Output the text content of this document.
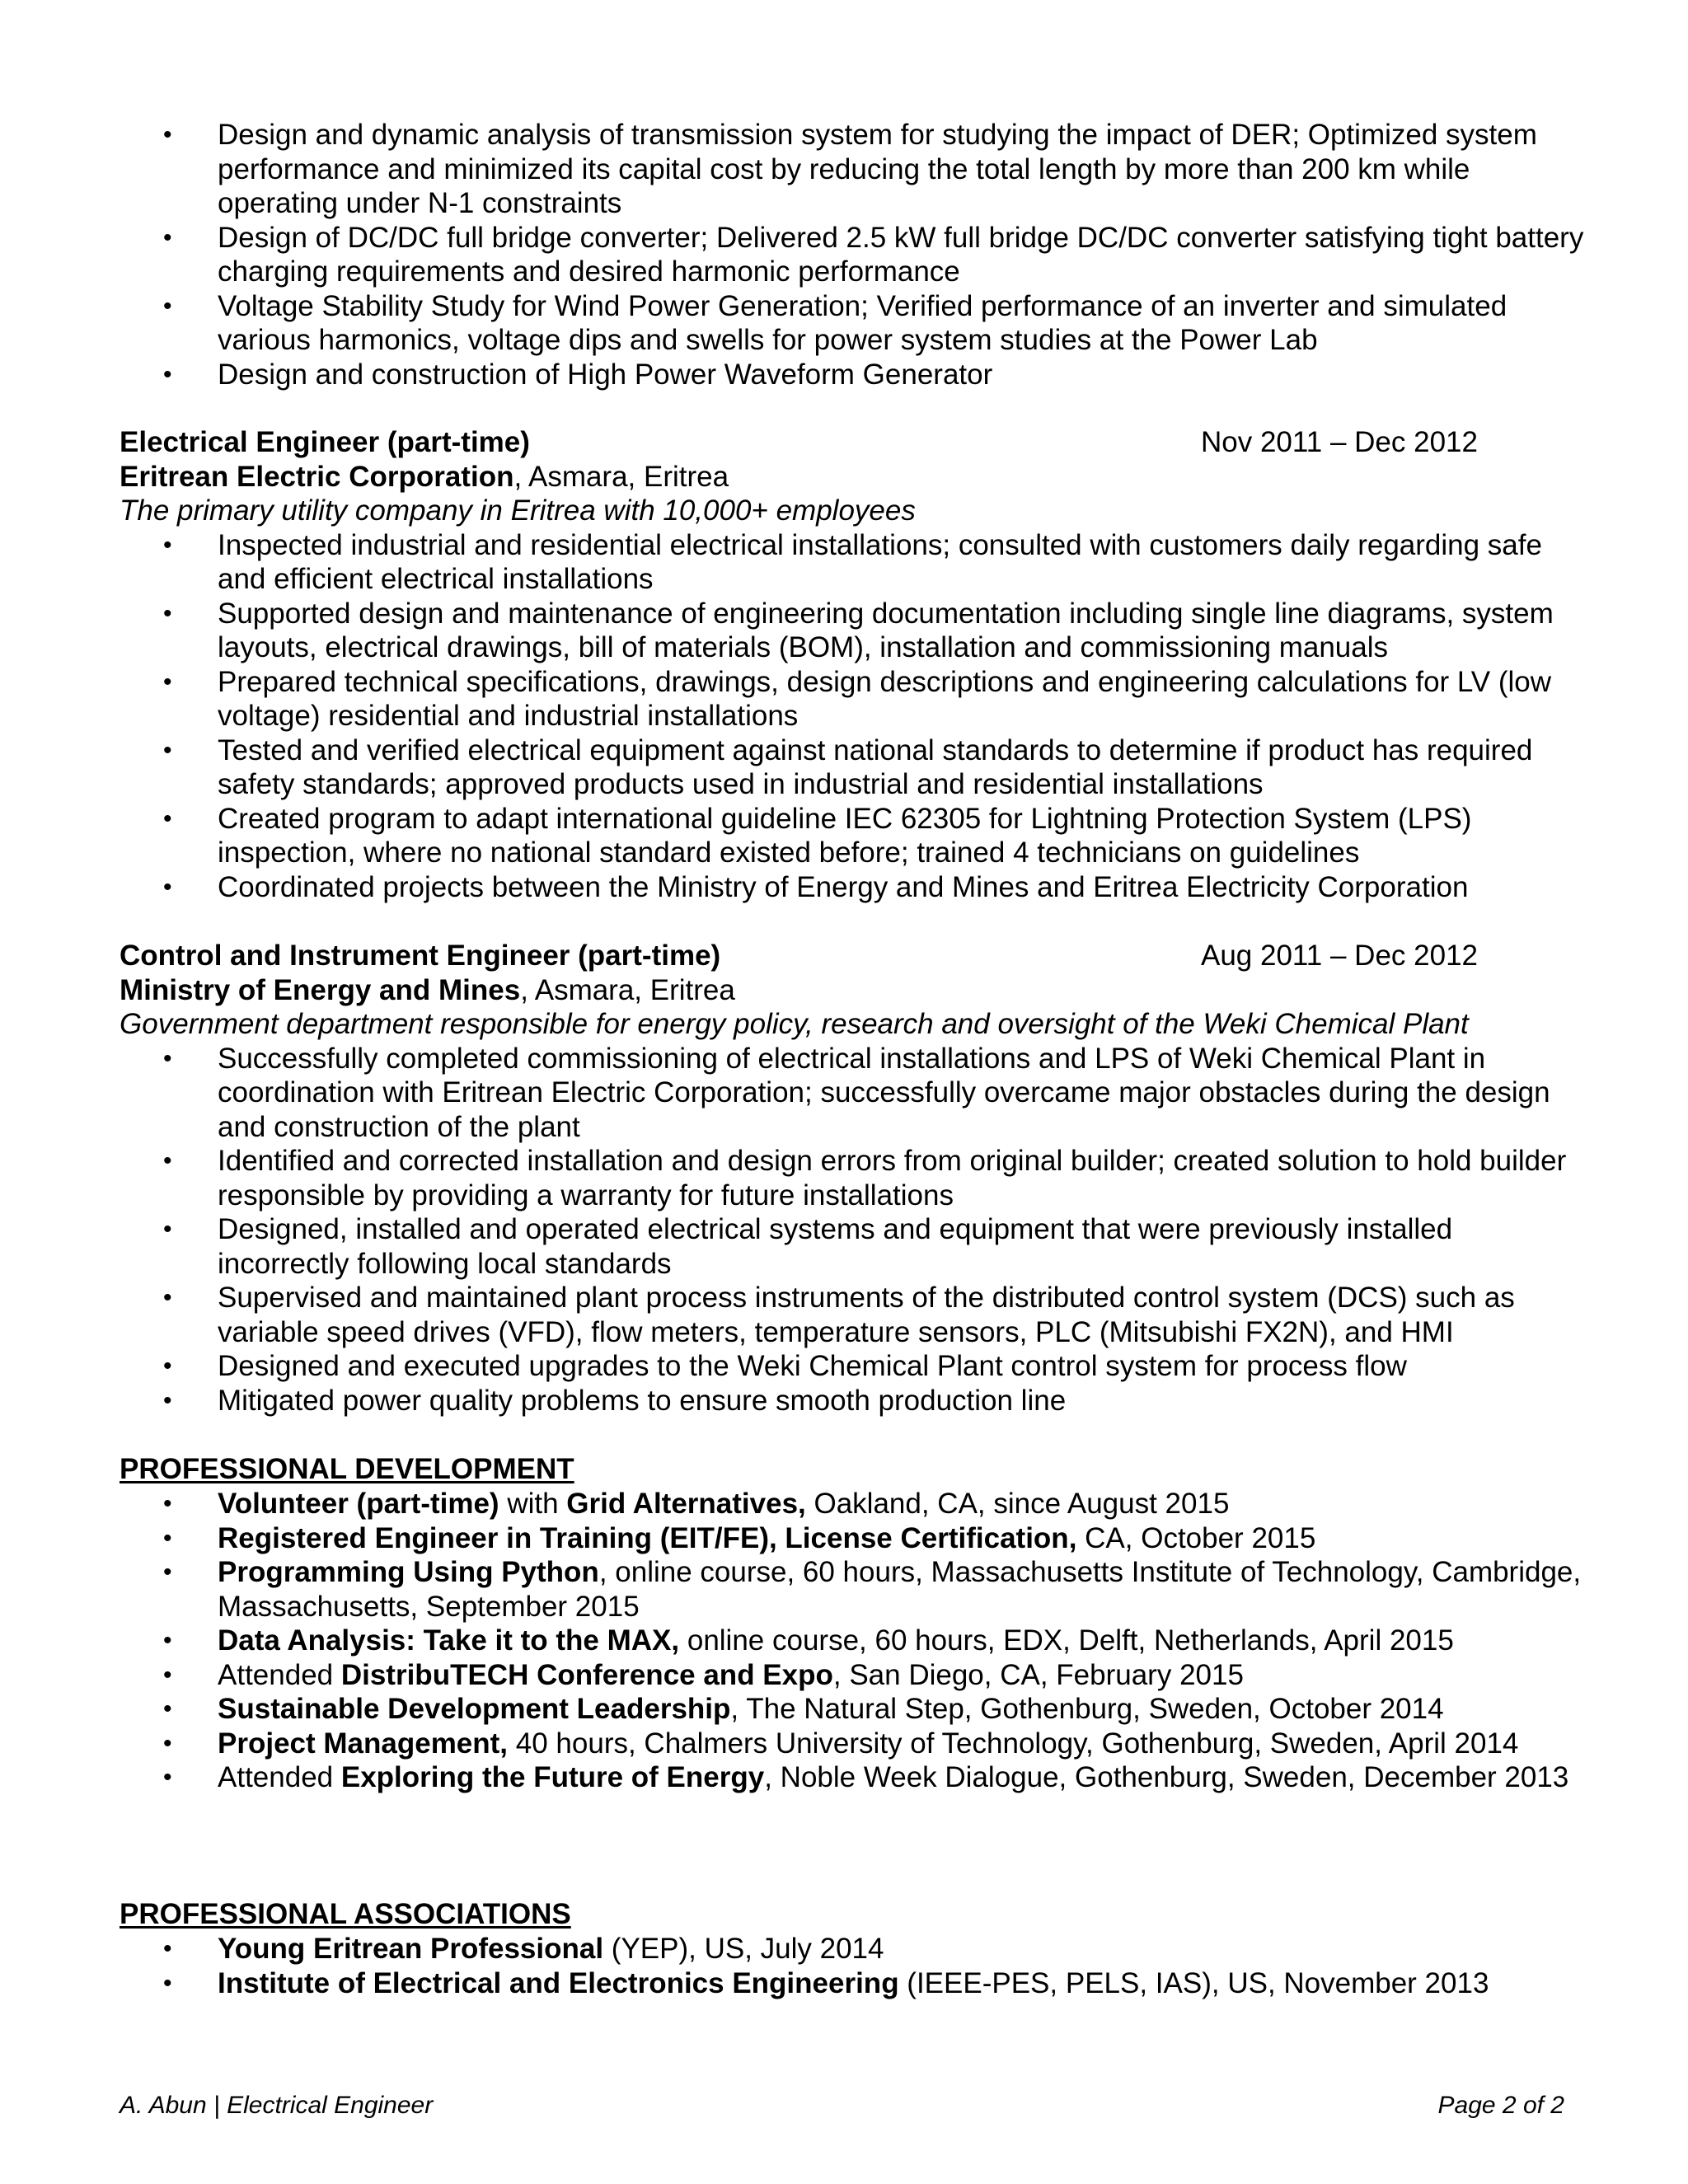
• Design and dynamic analysis of transmission system for studying the impact of DER; Optimized system performance and minimized its capital cost by reducing the total length by more than 200 km while operating under N-1 constraints
• Design of DC/DC full bridge converter; Delivered 2.5 kW full bridge DC/DC converter satisfying tight battery charging requirements and desired harmonic performance
• Voltage Stability Study for Wind Power Generation; Verified performance of an inverter and simulated various harmonics, voltage dips and swells for power system studies at the Power Lab
• Design and construction of High Power Waveform Generator
Electrical Engineer (part-time)	Nov 2011 – Dec 2012
Eritrean Electric Corporation, Asmara, Eritrea
The primary utility company in Eritrea with 10,000+ employees
• Inspected industrial and residential electrical installations; consulted with customers daily regarding safe and efficient electrical installations
• Supported design and maintenance of engineering documentation including single line diagrams, system layouts, electrical drawings, bill of materials (BOM), installation and commissioning manuals
• Prepared technical specifications, drawings, design descriptions and engineering calculations for LV (low voltage) residential and industrial installations
• Tested and verified electrical equipment against national standards to determine if product has required safety standards; approved products used in industrial and residential installations
• Created program to adapt international guideline IEC 62305 for Lightning Protection System (LPS) inspection, where no national standard existed before; trained 4 technicians on guidelines
• Coordinated projects between the Ministry of Energy and Mines and Eritrea Electricity Corporation
Control and Instrument Engineer (part-time)	Aug 2011 – Dec 2012
Ministry of Energy and Mines, Asmara, Eritrea
Government department responsible for energy policy, research and oversight of the Weki Chemical Plant
• Successfully completed commissioning of electrical installations and LPS of Weki Chemical Plant in coordination with Eritrean Electric Corporation; successfully overcame major obstacles during the design and construction of the plant
• Identified and corrected installation and design errors from original builder; created solution to hold builder responsible by providing a warranty for future installations
• Designed, installed and operated electrical systems and equipment that were previously installed incorrectly following local standards
• Supervised and maintained plant process instruments of the distributed control system (DCS) such as variable speed drives (VFD), flow meters, temperature sensors, PLC (Mitsubishi FX2N), and HMI
• Designed and executed upgrades to the Weki Chemical Plant control system for process flow
• Mitigated power quality problems to ensure smooth production line
PROFESSIONAL DEVELOPMENT
• Volunteer (part-time) with Grid Alternatives, Oakland, CA, since August 2015
• Registered Engineer in Training (EIT/FE), License Certification, CA, October 2015
• Programming Using Python, online course, 60 hours, Massachusetts Institute of Technology, Cambridge, Massachusetts, September 2015
• Data Analysis: Take it to the MAX, online course, 60 hours, EDX, Delft, Netherlands, April 2015
• Attended DistribuTECH Conference and Expo, San Diego, CA, February 2015
• Sustainable Development Leadership, The Natural Step, Gothenburg, Sweden, October 2014
• Project Management, 40 hours, Chalmers University of Technology, Gothenburg, Sweden, April 2014
• Attended Exploring the Future of Energy, Noble Week Dialogue, Gothenburg, Sweden, December 2013
PROFESSIONAL ASSOCIATIONS
• Young Eritrean Professional (YEP), US, July 2014
• Institute of Electrical and Electronics Engineering (IEEE-PES, PELS, IAS), US, November 2013
A. Abun | Electrical Engineer	Page 2 of 2
